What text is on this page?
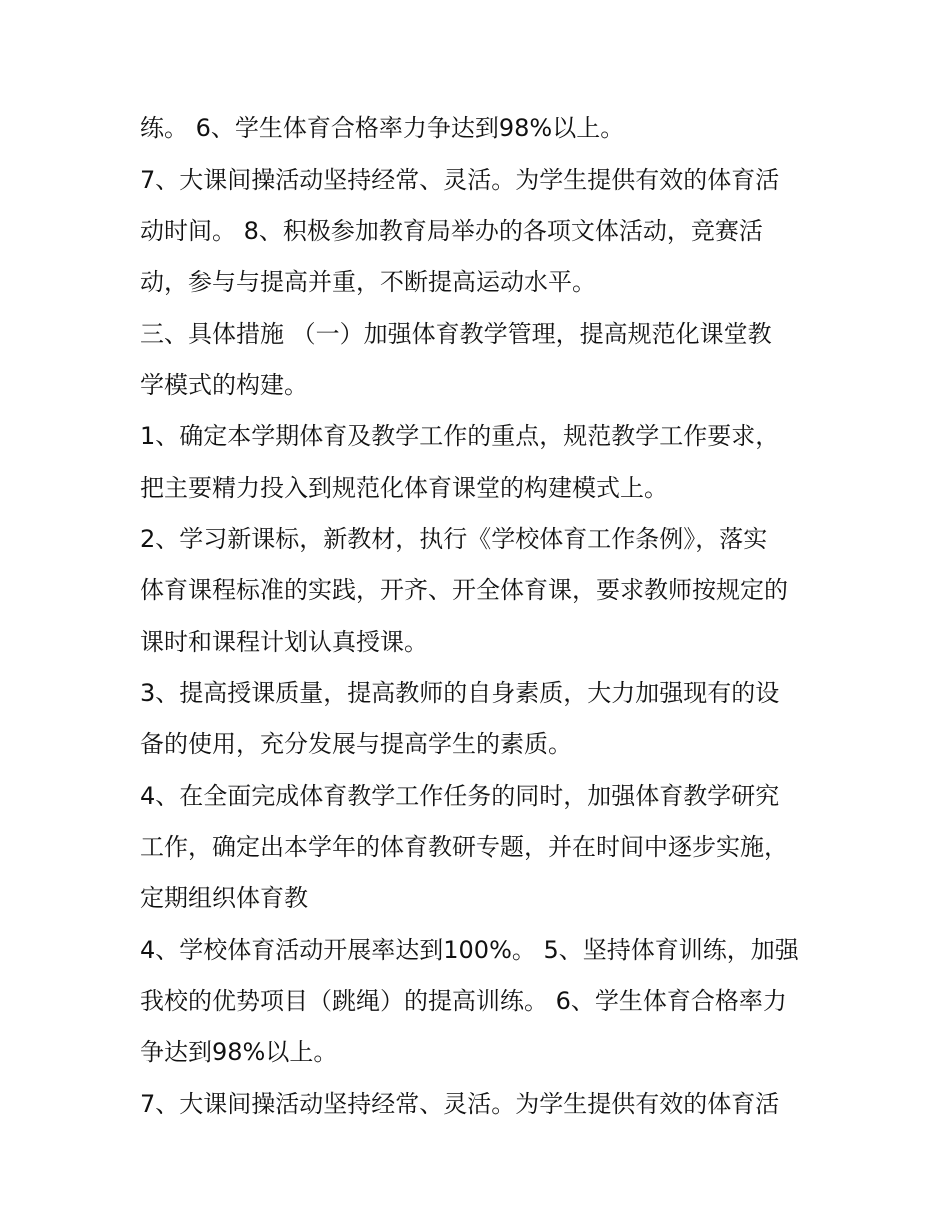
练。 6、学生体育合格率力争达到98%以上。
7、大课间操活动坚持经常、灵活。为学生提供有效的体育活
动时间。 8、积极参加教育局举办的各项文体活动，竞赛活
动，参与与提高并重，不断提高运动水平。
三、具体措施 （一）加强体育教学管理，提高规范化课堂教
学模式的构建。
1、确定本学期体育及教学工作的重点，规范教学工作要求，
把主要精力投入到规范化体育课堂的构建模式上。
2、学习新课标，新教材，执行《学校体育工作条例》，落实
体育课程标准的实践，开齐、开全体育课，要求教师按规定的
课时和课程计划认真授课。
3、提高授课质量，提高教师的自身素质，大力加强现有的设
备的使用，充分发展与提高学生的素质。
4、在全面完成体育教学工作任务的同时，加强体育教学研究
工作，确定出本学年的体育教研专题，并在时间中逐步实施，
定期组织体育教
4、学校体育活动开展率达到100%。 5、坚持体育训练，加强
我校的优势项目（跳绳）的提高训练。 6、学生体育合格率力
争达到98%以上。
7、大课间操活动坚持经常、灵活。为学生提供有效的体育活
